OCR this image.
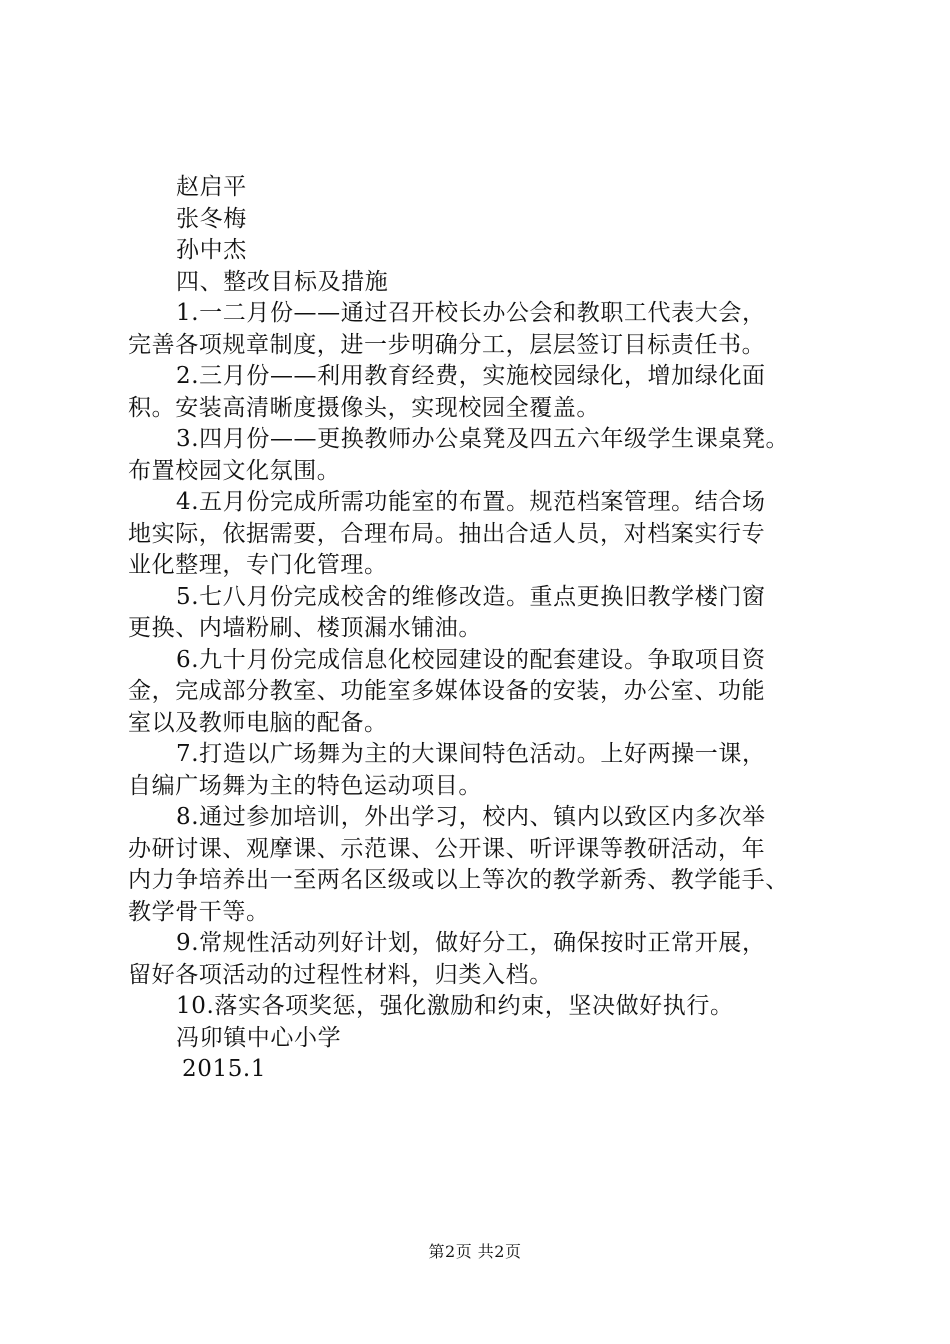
赵启平
张冬梅
孙中杰
四、整改目标及措施
1.一二月份——通过召开校长办公会和教职工代表大会，
完善各项规章制度，进一步明确分工，层层签订目标责任书。
2.三月份——利用教育经费，实施校园绿化，增加绿化面
积。安装高清晰度摄像头，实现校园全覆盖。
3.四月份——更换教师办公桌凳及四五六年级学生课桌凳。
布置校园文化氛围。
4.五月份完成所需功能室的布置。规范档案管理。结合场
地实际，依据需要，合理布局。抽出合适人员，对档案实行专
业化整理，专门化管理。
5.七八月份完成校舍的维修改造。重点更换旧教学楼门窗
更换、内墙粉刷、楼顶漏水铺油。
6.九十月份完成信息化校园建设的配套建设。争取项目资
金，完成部分教室、功能室多媒体设备的安装，办公室、功能
室以及教师电脑的配备。
7.打造以广场舞为主的大课间特色活动。上好两操一课，
自编广场舞为主的特色运动项目。
8.通过参加培训，外出学习，校内、镇内以致区内多次举
办研讨课、观摩课、示范课、公开课、听评课等教研活动，年
内力争培养出一至两名区级或以上等次的教学新秀、教学能手、
教学骨干等。
9.常规性活动列好计划，做好分工，确保按时正常开展，
留好各项活动的过程性材料，归类入档。
10.落实各项奖惩，强化激励和约束，坚决做好执行。
冯卯镇中心小学
2015.1
第2页 共2页
